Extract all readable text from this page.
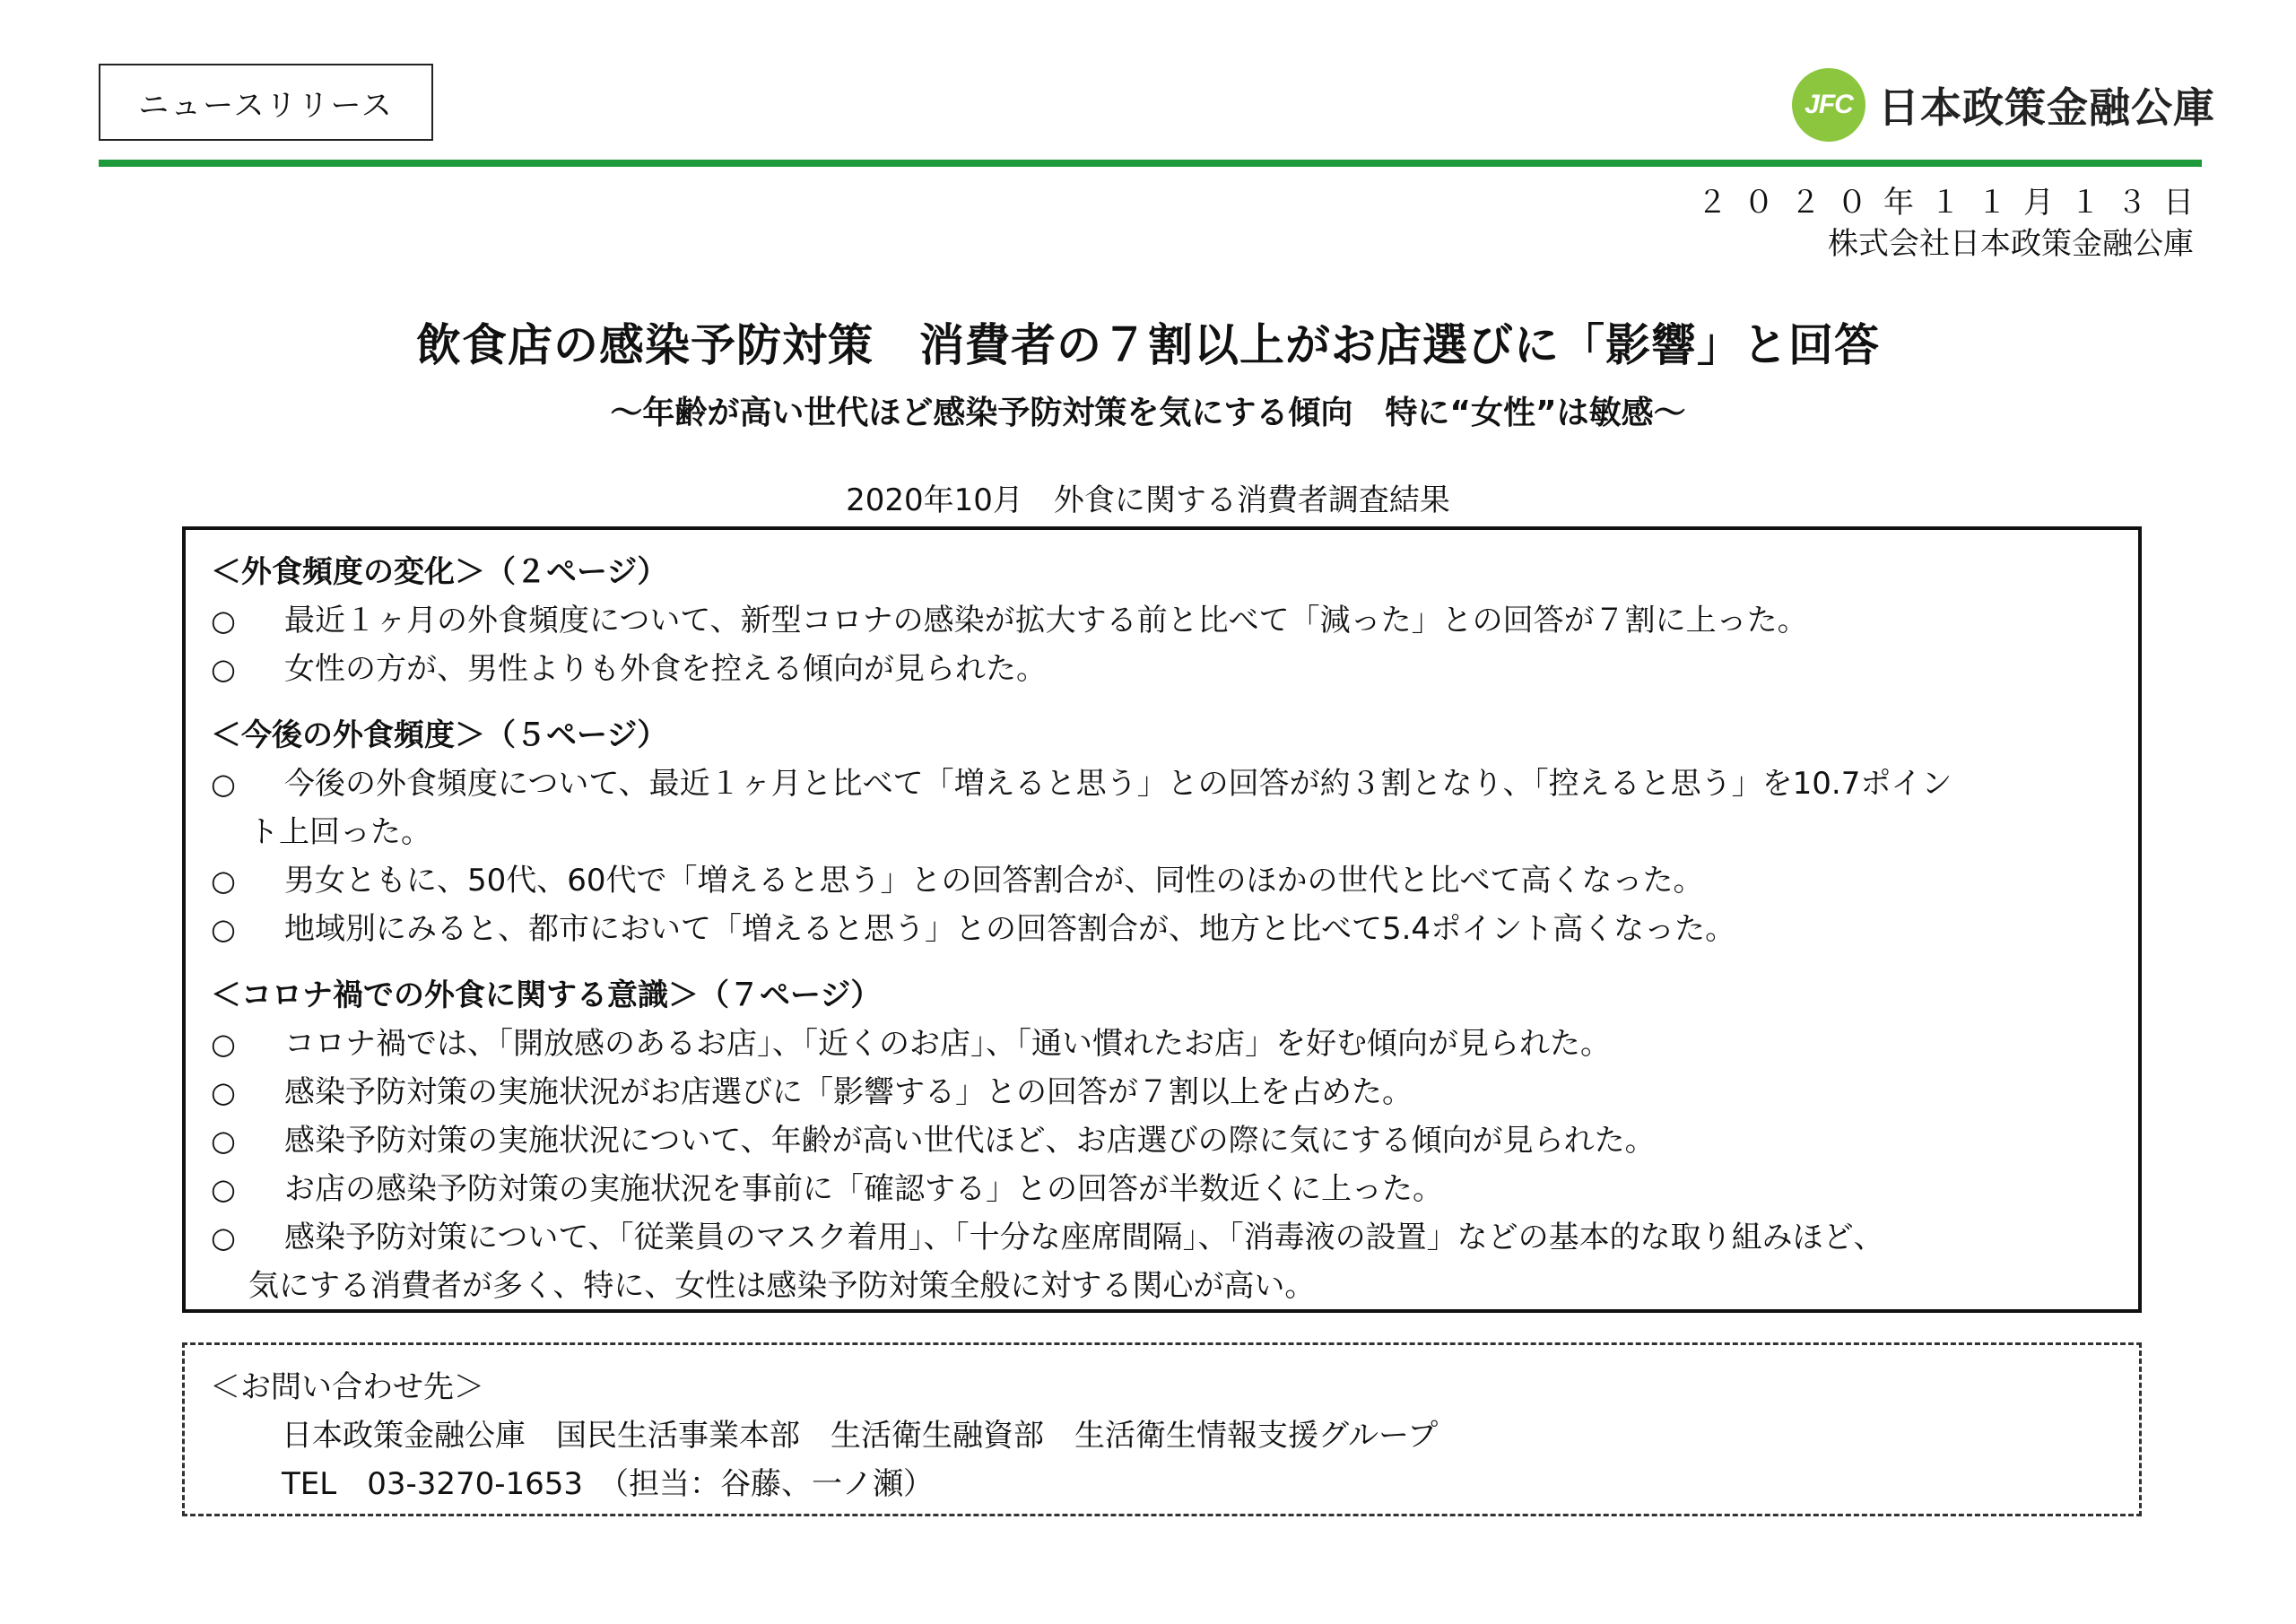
ニュースリリース	JFC 日本政策金融公庫
２０２０年１１月１３日
株式会社日本政策金融公庫
飲食店の感染予防対策　消費者の７割以上がお店選びに「影響」と回答
～年齢が高い世代ほど感染予防対策を気にする傾向　特に“女性”は敏感～
2020年10月　外食に関する消費者調査結果
＜外食頻度の変化＞（２ページ）
○ 最近１ヶ月の外食頻度について、新型コロナの感染が拡大する前と比べて「減った」との回答が７割に上った。
○ 女性の方が、男性よりも外食を控える傾向が見られた。
＜今後の外食頻度＞（５ページ）
○ 今後の外食頻度について、最近１ヶ月と比べて「増えると思う」との回答が約３割となり、「控えると思う」を10.7ポイン
ト上回った。
○ 男女ともに、50代、60代で「増えると思う」との回答割合が、同性のほかの世代と比べて高くなった。
○ 地域別にみると、都市において「増えると思う」との回答割合が、地方と比べて5.4ポイント高くなった。
＜コロナ禍での外食に関する意識＞（７ページ）
○ コロナ禍では、「開放感のあるお店」、「近くのお店」、「通い慣れたお店」を好む傾向が見られた。
○ 感染予防対策の実施状況がお店選びに「影響する」との回答が７割以上を占めた。
○ 感染予防対策の実施状況について、年齢が高い世代ほど、お店選びの際に気にする傾向が見られた。
○ お店の感染予防対策の実施状況を事前に「確認する」との回答が半数近くに上った。
○ 感染予防対策について、「従業員のマスク着用」、「十分な座席間隔」、「消毒液の設置」などの基本的な取り組みほど、
気にする消費者が多く、特に、女性は感染予防対策全般に対する関心が高い。
＜お問い合わせ先＞
日本政策金融公庫　国民生活事業本部　生活衛生融資部　生活衛生情報支援グループ
TEL　03-3270-1653　（担当：谷藤、一ノ瀬）
